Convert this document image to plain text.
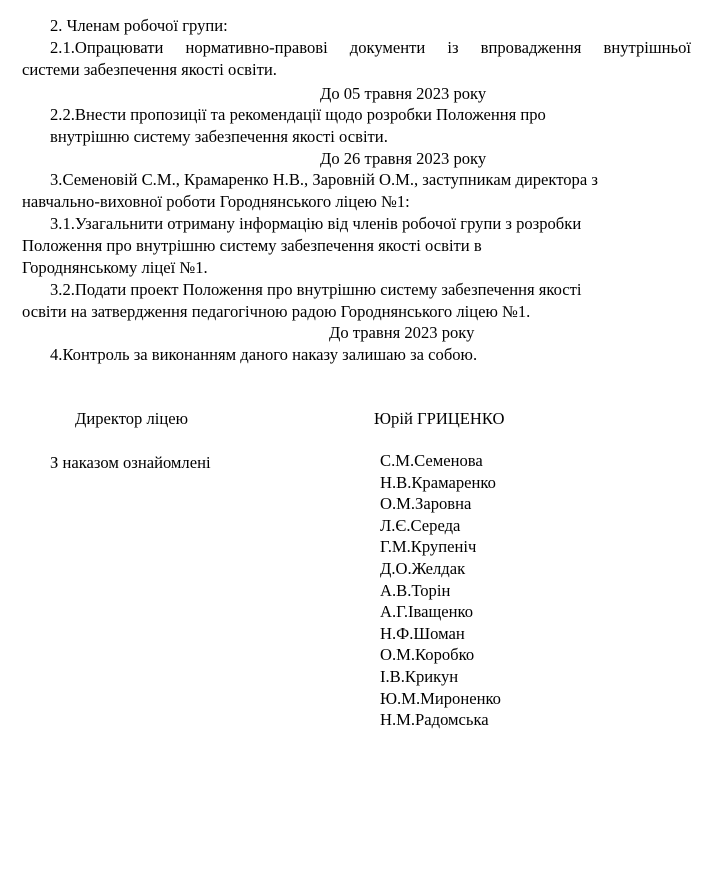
2. Членам робочої групи:
2.1.Опрацювати нормативно-правові документи із впровадження внутрішньої
системи забезпечення якості освіти.
До 05 травня 2023 року
2.2.Внести пропозиції та рекомендації щодо розробки Положення про
внутрішню систему забезпечення якості освіти.
До 26 травня 2023 року
3.Семеновій С.М., Крамаренко Н.В., Заровній О.М., заступникам директора з
навчально-виховної роботи Городнянського ліцею №1:
3.1.Узагальнити отриману інформацію від членів робочої групи з розробки
Положення про внутрішню систему забезпечення якості освіти в
Городнянському ліцеї №1.
3.2.Подати проект Положення про внутрішню систему забезпечення якості
освіти на затвердження педагогічною радою Городнянського ліцею №1.
До травня 2023 року
4.Контроль за виконанням даного наказу залишаю за собою.
Директор ліцею	Юрій ГРИЦЕНКО
З наказом ознайомлені	С.М.Семенова
Н.В.Крамаренко
О.М.Заровна
Л.Є.Середа
Г.М.Крупеніч
Д.О.Желдак
А.В.Торін
А.Г.Іващенко
Н.Ф.Шоман
О.М.Коробко
І.В.Крикун
Ю.М.Мироненко
Н.М.Радомська
